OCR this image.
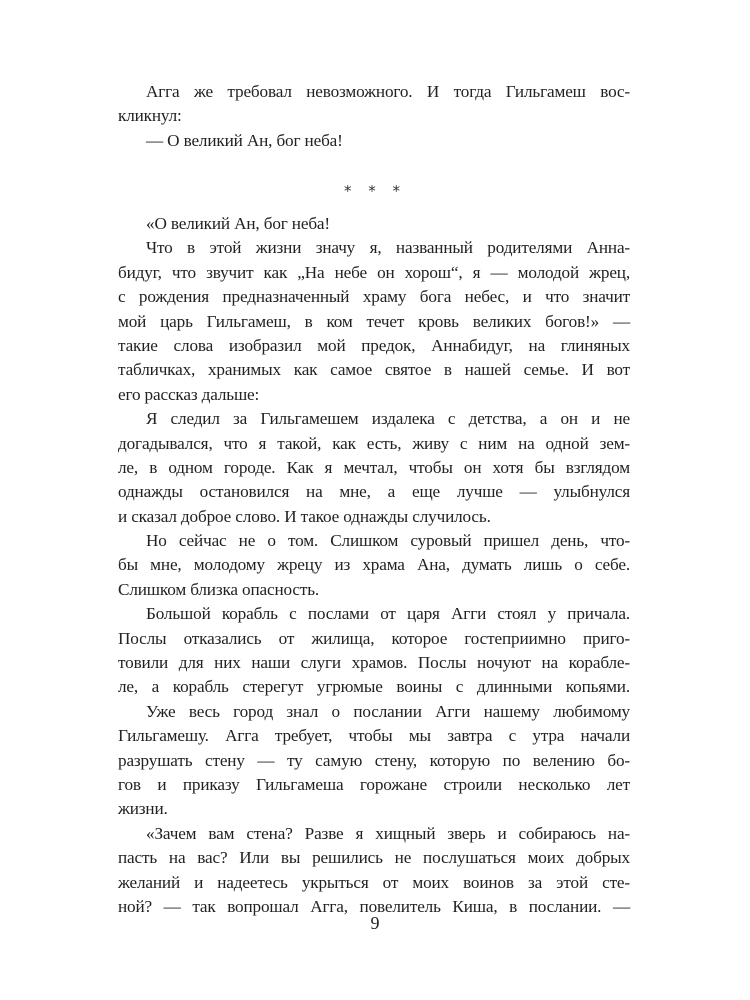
Агга же требовал невозможного. И тогда Гильгамеш вос-
кликнул:
— О великий Ан, бог неба!
* * *
«О великий Ан, бог неба!
Что в этой жизни значу я, названный родителями Анна-
бидуг, что звучит как „На небе он хорош“, я — молодой жрец,
с рождения предназначенный храму бога небес, и что значит
мой царь Гильгамеш, в ком течет кровь великих богов!» —
такие слова изобразил мой предок, Аннабидуг, на глиняных
табличках, хранимых как самое святое в нашей семье. И вот
его рассказ дальше:
Я следил за Гильгамешем издалека с детства, а он и не
догадывался, что я такой, как есть, живу с ним на одной зем-
ле, в одном городе. Как я мечтал, чтобы он хотя бы взглядом
однажды остановился на мне, а еще лучше — улыбнулся
и сказал доброе слово. И такое однажды случилось.
Но сейчас не о том. Слишком суровый пришел день, что-
бы мне, молодому жрецу из храма Ана, думать лишь о себе.
Слишком близка опасность.
Большой корабль с послами от царя Агги стоял у причала.
Послы отказались от жилища, которое гостеприимно приго-
товили для них наши слуги храмов. Послы ночуют на корабле-
ле, а корабль стерегут угрюмые воины с длинными копьями.
Уже весь город знал о послании Агги нашему любимому
Гильгамешу. Агга требует, чтобы мы завтра с утра начали
разрушать стену — ту самую стену, которую по велению бо-
гов и приказу Гильгамеша горожане строили несколько лет
жизни.
«Зачем вам стена? Разве я хищный зверь и собираюсь на-
пасть на вас? Или вы решились не послушаться моих добрых
желаний и надеетесь укрыться от моих воинов за этой сте-
ной? — так вопрошал Агга, повелитель Киша, в послании. —
9
